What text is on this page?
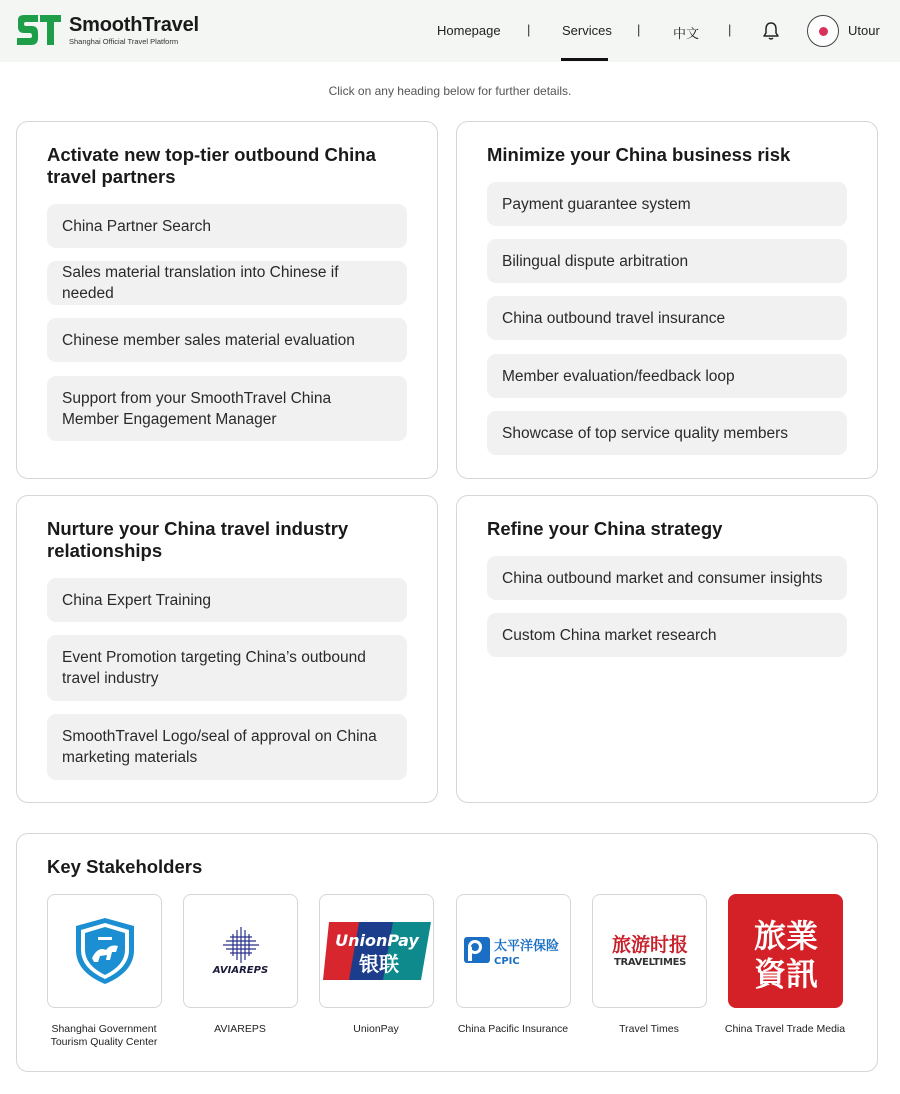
SmoothTravel
Shanghai Official Travel Platform
Homepage | Services |	中文 |	Utour
Click on any heading below for further details.
Activate new top-tier outbound China travel partners
China Partner Search
Sales material translation into Chinese if needed
Chinese member sales material evaluation
Support from your SmoothTravel China Member Engagement Manager
Minimize your China business risk
Payment guarantee system
Bilingual dispute arbitration
China outbound travel insurance
Member evaluation/feedback loop
Showcase of top service quality members
Nurture your China travel industry relationships
China Expert Training
Event Promotion targeting China’s outbound travel industry
SmoothTravel Logo/seal of approval on China marketing materials
Refine your China strategy
China outbound market and consumer insights
Custom China market research
Key Stakeholders
Shanghai Government Tourism Quality Center
AVIAREPS
AVIAREPS
UnionPay
银联
UnionPay
太平洋保险
CPIC
China Pacific Insurance
旅游时报
TRAVELTIMES
Travel Times
旅業
資訊
China Travel Trade Media
